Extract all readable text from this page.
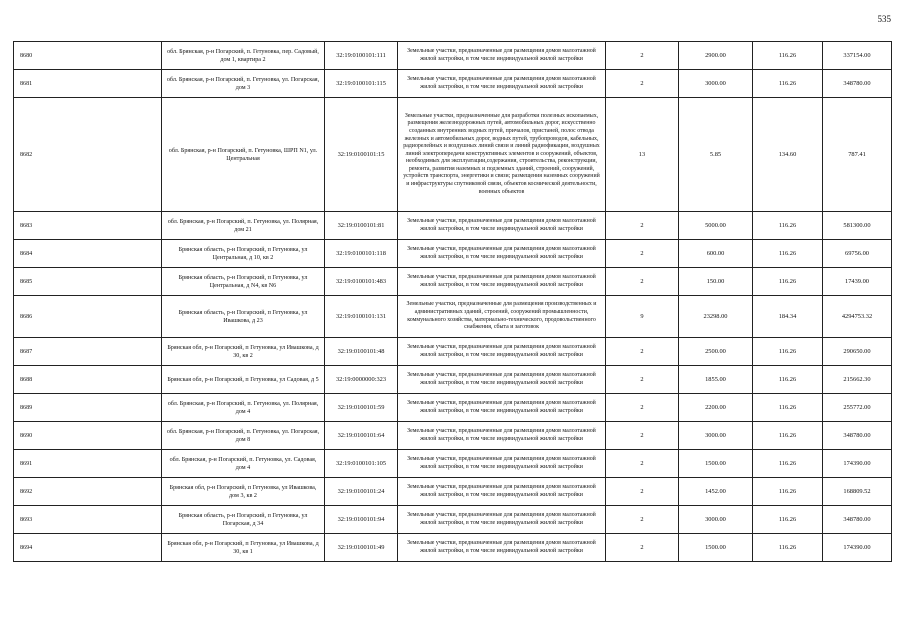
535
8680	обл. Брянская, р-н Погарский, п. Гетуновка, пер. Садовый, дом 1, квартира 2	32:19:0100101:111	Земельные участки, предназначенные для размещения домов малоэтажной жилой застройки, в том числе индивидуальной жилой застройки	2	2900.00	116.26	337154.00
8681	обл. Брянская, р-н Погарский, п. Гетуновка, ул. Погарская, дом 3	32:19:0100101:115	Земельные участки, предназначенные для размещения домов малоэтажной жилой застройки, в том числе индивидуальной жилой застройки	2	3000.00	116.26	348780.00
8682	обл. Брянская, р-н Погарский, п. Гетуновка, ШРП N1, ул. Центральная	32:19:0100101:15	Земельные участки, предназначенные для разработки полезных ископаемых, размещения железнодорожных путей, автомобильных дорог, искусственно созданных внутренних водных путей, причалов, пристаней, полос отвода железных и автомобильных дорог, водных путей, трубопроводов, кабельных, радиорелейных и воздушных линий связи и линий радиофикации, воздушных линий электропередачи конструктивных элементов и сооружений, объектов, необходимых для эксплуатации,содержания, строительства, реконструкции, ремонта, развития наземных и подземных зданий, строений, сооружений, устройств транспорта, энергетики и связи; размещения наземных сооружений и инфраструктуры спутниковой связи, объектов космической деятельности, военных объектов	13	5.85	134.60	787.41
8683	обл. Брянская, р-н Погарский, п. Гетуновка, ул. Полярная, дом 21	32:19:0100101:81	Земельные участки, предназначенные для размещения домов малоэтажной жилой застройки, в том числе индивидуальной жилой застройки	2	5000.00	116.26	581300.00
8684	Брянская область, р-н Погарский, п Гетуновка, ул Центральная, д 10, кв 2	32:19:0100101:118	Земельные участки, предназначенные для размещения домов малоэтажной жилой застройки, в том числе индивидуальной жилой застройки	2	600.00	116.26	69756.00
8685	Брянская область, р-н Погарский, п Гетуновка, ул Центральная, д N4, кв N6	32:19:0100101:483	Земельные участки, предназначенные для размещения домов малоэтажной жилой застройки, в том числе индивидуальной жилой застройки	2	150.00	116.26	17439.00
8686	Брянская область, р-н Погарский, п Гетуновка, ул Ивашкова, д 23	32:19:0100101:131	Земельные участки, предназначенные для размещения производственных и административных зданий, строений, сооружений промышленности, коммунального хозяйства, материально-технического, продовольственного снабжения, сбыта и заготовок	9	23298.00	184.34	4294753.32
8687	Брянская обл, р-н Погарский, п Гетуновка, ул Ивашкова, д 30, кв 2	32:19:0100101:48	Земельные участки, предназначенные для размещения домов малоэтажной жилой застройки, в том числе индивидуальной жилой застройки	2	2500.00	116.26	290650.00
8688	Брянская обл, р-н Погарский, п Гетуновка, ул Садовая, д 5	32:19:0000000:323	Земельные участки, предназначенные для размещения домов малоэтажной жилой застройки, в том числе индивидуальной жилой застройки	2	1855.00	116.26	215662.30
8689	обл. Брянская, р-н Погарский, п. Гетуновка, ул. Полярная, дом 4	32:19:0100101:59	Земельные участки, предназначенные для размещения домов малоэтажной жилой застройки, в том числе индивидуальной жилой застройки	2	2200.00	116.26	255772.00
8690	обл. Брянская, р-н Погарский, п. Гетуновка, ул. Погарская, дом 8	32:19:0100101:64	Земельные участки, предназначенные для размещения домов малоэтажной жилой застройки, в том числе индивидуальной жилой застройки	2	3000.00	116.26	348780.00
8691	обл. Брянская, р-н Погарский, п. Гетуновка, ул. Садовая, дом 4	32:19:0100101:105	Земельные участки, предназначенные для размещения домов малоэтажной жилой застройки, в том числе индивидуальной жилой застройки	2	1500.00	116.26	174390.00
8692	Брянская обл, р-н Погарский, п Гетуновка, ул Ивашкова, дом 3, кв 2	32:19:0100101:24	Земельные участки, предназначенные для размещения домов малоэтажной жилой застройки, в том числе индивидуальной жилой застройки	2	1452.00	116.26	168809.52
8693	Брянская область, р-н Погарский, п Гетуновка, ул Погарская, д 34	32:19:0100101:94	Земельные участки, предназначенные для размещения домов малоэтажной жилой застройки, в том числе индивидуальной жилой застройки	2	3000.00	116.26	348780.00
8694	Брянская обл, р-н Погарский, п Гетуновка, ул Ивашкова, д 30, кв 1	32:19:0100101:49	Земельные участки, предназначенные для размещения домов малоэтажной жилой застройки, в том числе индивидуальной жилой застройки	2	1500.00	116.26	174390.00
